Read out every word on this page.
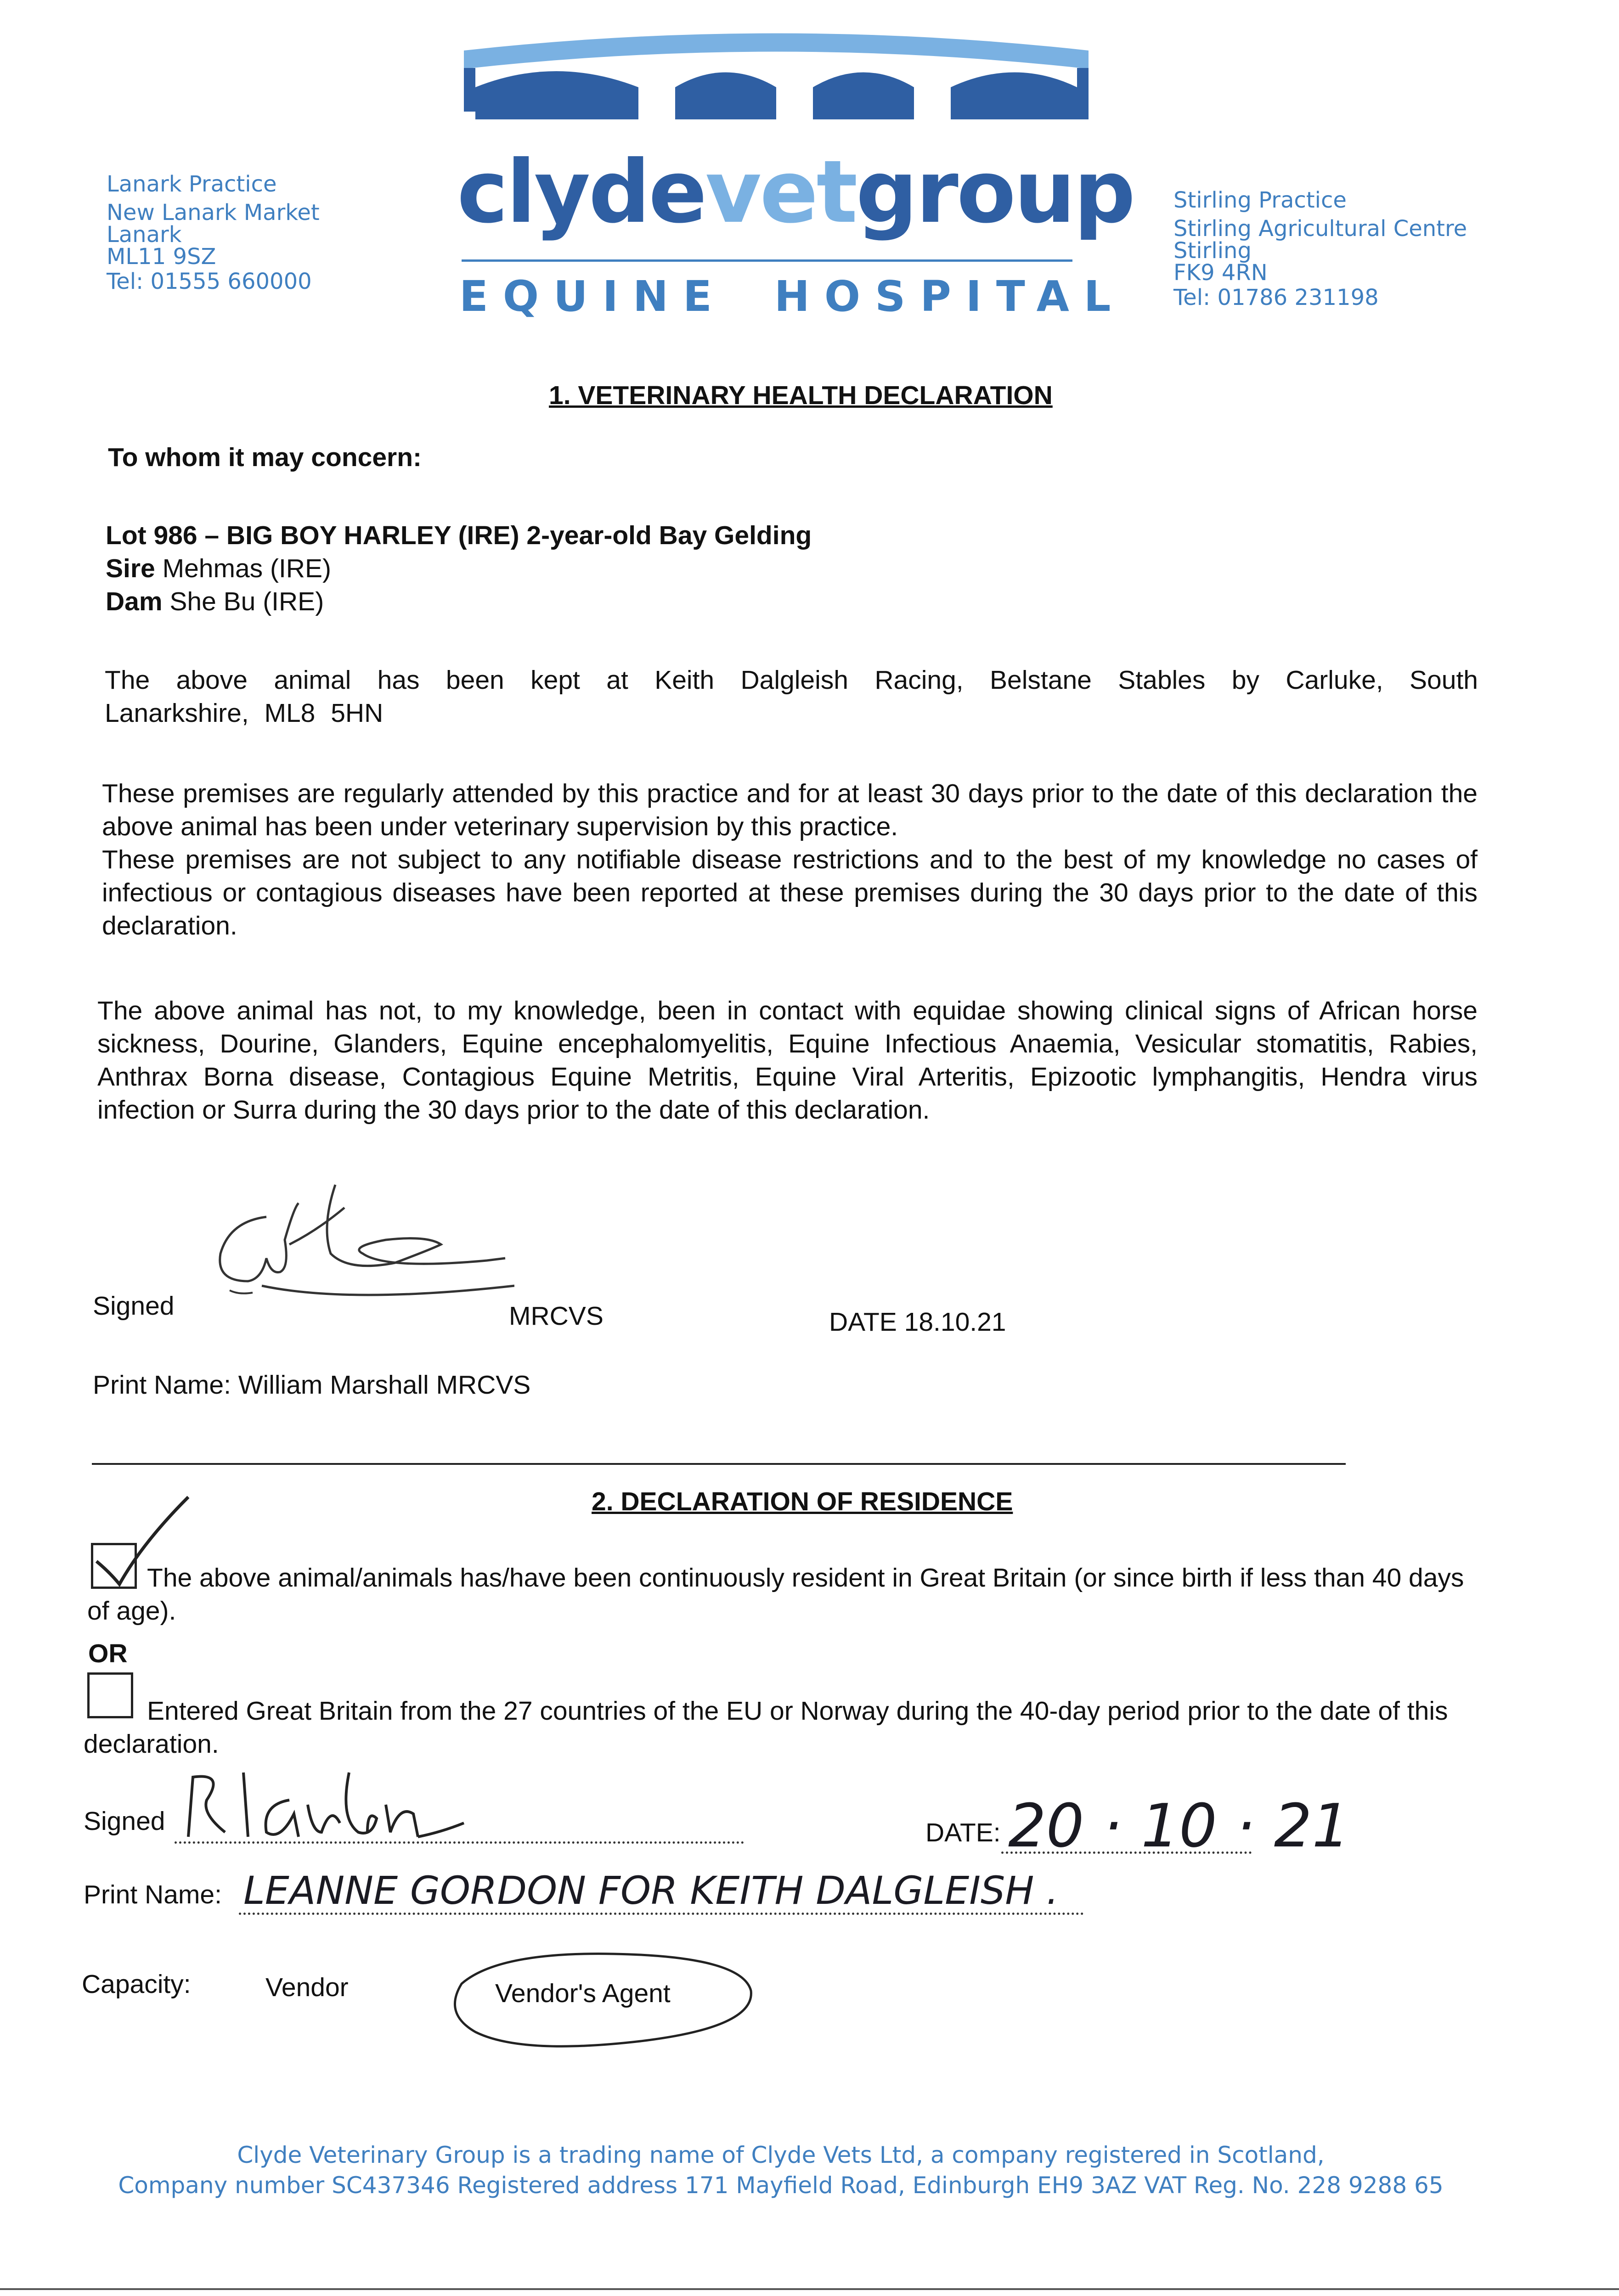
clydevetgroup
EQUINE HOSPITAL
Lanark Practice
New Lanark Market
Lanark
ML11 9SZ
Tel: 01555 660000
Stirling Practice
Stirling Agricultural Centre
Stirling
FK9 4RN
Tel: 01786 231198
1. VETERINARY HEALTH DECLARATION
To whom it may concern:
Lot 986 – BIG BOY HARLEY (IRE) 2-year-old Bay Gelding
Sire Mehmas (IRE)
Dam She Bu (IRE)
The above animal has been kept at Keith Dalgleish Racing, Belstane Stables by Carluke, South Lanarkshire, ML8 5HN
These premises are regularly attended by this practice and for at least 30 days prior to the date of this declaration the above animal has been under veterinary supervision by this practice.
These premises are not subject to any notifiable disease restrictions and to the best of my knowledge no cases of infectious or contagious diseases have been reported at these premises during the 30 days prior to the date of this declaration.
The above animal has not, to my knowledge, been in contact with equidae showing clinical signs of African horse sickness, Dourine, Glanders, Equine encephalomyelitis, Equine Infectious Anaemia, Vesicular stomatitis, Rabies, Anthrax Borna disease, Contagious Equine Metritis, Equine Viral Arteritis, Epizootic lymphangitis, Hendra virus infection or Surra during the 30 days prior to the date of this declaration.
Signed	MRCVS	DATE 18.10.21
Print Name: William Marshall MRCVS
2. DECLARATION OF RESIDENCE
The above animal/animals has/have been continuously resident in Great Britain (or since birth if less than 40 days of age).
OR
Entered Great Britain from the 27 countries of the EU or Norway during the 40-day period prior to the date of this declaration.
Signed	DATE: 20 · 10 · 21
Print Name: LEANNE GORDON FOR KEITH DALGLEISH .
Capacity:	Vendor	Vendor's Agent
Clyde Veterinary Group is a trading name of Clyde Vets Ltd, a company registered in Scotland,
Company number SC437346 Registered address 171 Mayfield Road, Edinburgh EH9 3AZ VAT Reg. No. 228 9288 65
